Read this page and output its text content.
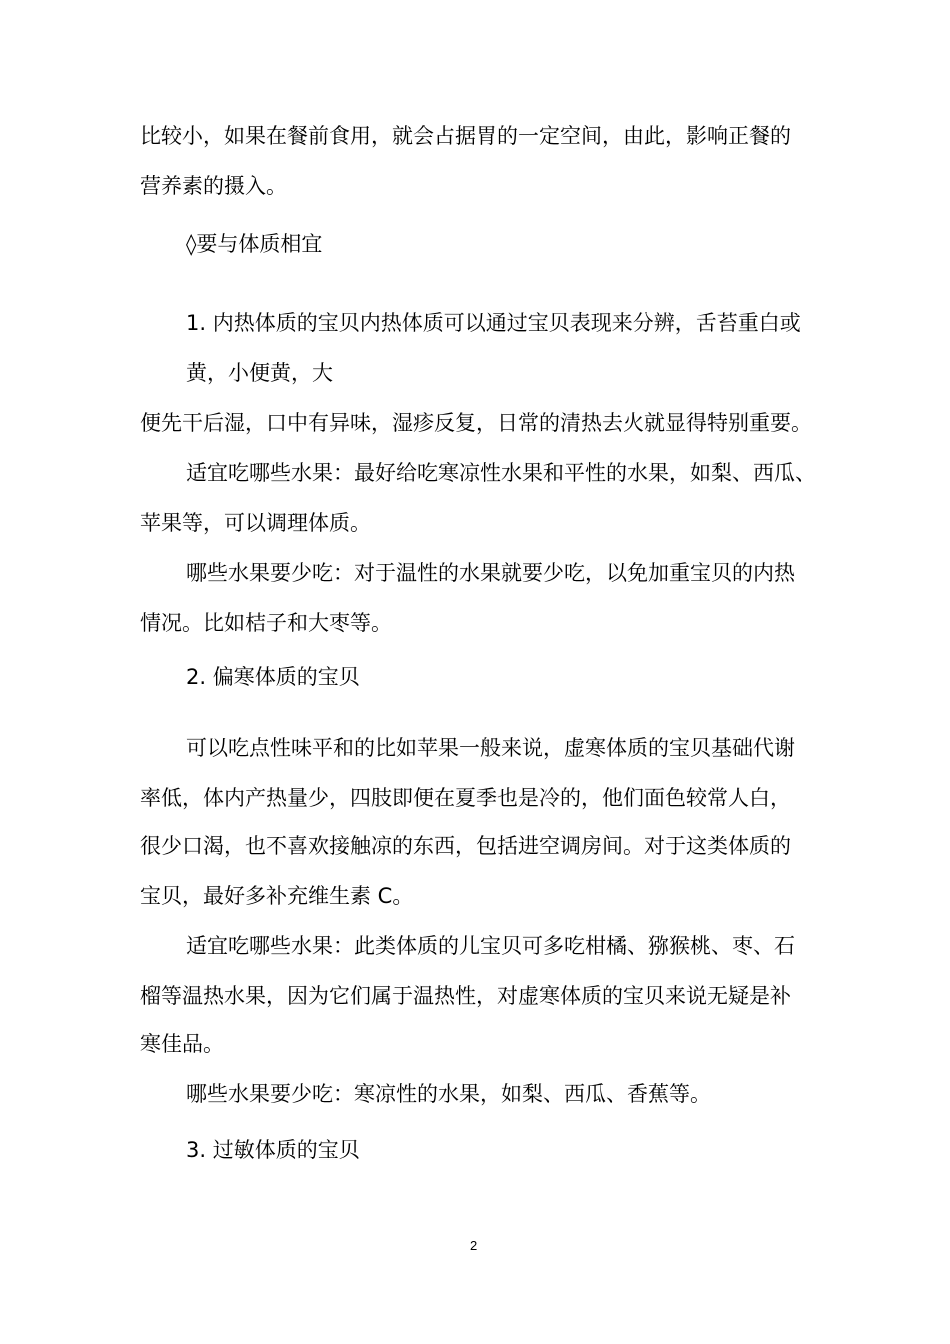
比较小，如果在餐前食用，就会占据胃的一定空间，由此，影响正餐的
营养素的摄入。
◊要与体质相宜
1. 内热体质的宝贝内热体质可以通过宝贝表现来分辨，舌苔重白或
黄，小便黄，大
便先干后湿，口中有异味，湿疹反复，日常的清热去火就显得特别重要。
适宜吃哪些水果：最好给吃寒凉性水果和平性的水果，如梨、西瓜、
苹果等，可以调理体质。
哪些水果要少吃：对于温性的水果就要少吃，以免加重宝贝的内热
情况。比如桔子和大枣等。
2. 偏寒体质的宝贝
可以吃点性味平和的比如苹果一般来说，虚寒体质的宝贝基础代谢
率低，体内产热量少，四肢即便在夏季也是冷的，他们面色较常人白，
很少口渴，也不喜欢接触凉的东西，包括进空调房间。对于这类体质的
宝贝，最好多补充维生素 C。
适宜吃哪些水果：此类体质的儿宝贝可多吃柑橘、猕猴桃、枣、石
榴等温热水果，因为它们属于温热性，对虚寒体质的宝贝来说无疑是补
寒佳品。
哪些水果要少吃：寒凉性的水果，如梨、西瓜、香蕉等。
3. 过敏体质的宝贝
2
